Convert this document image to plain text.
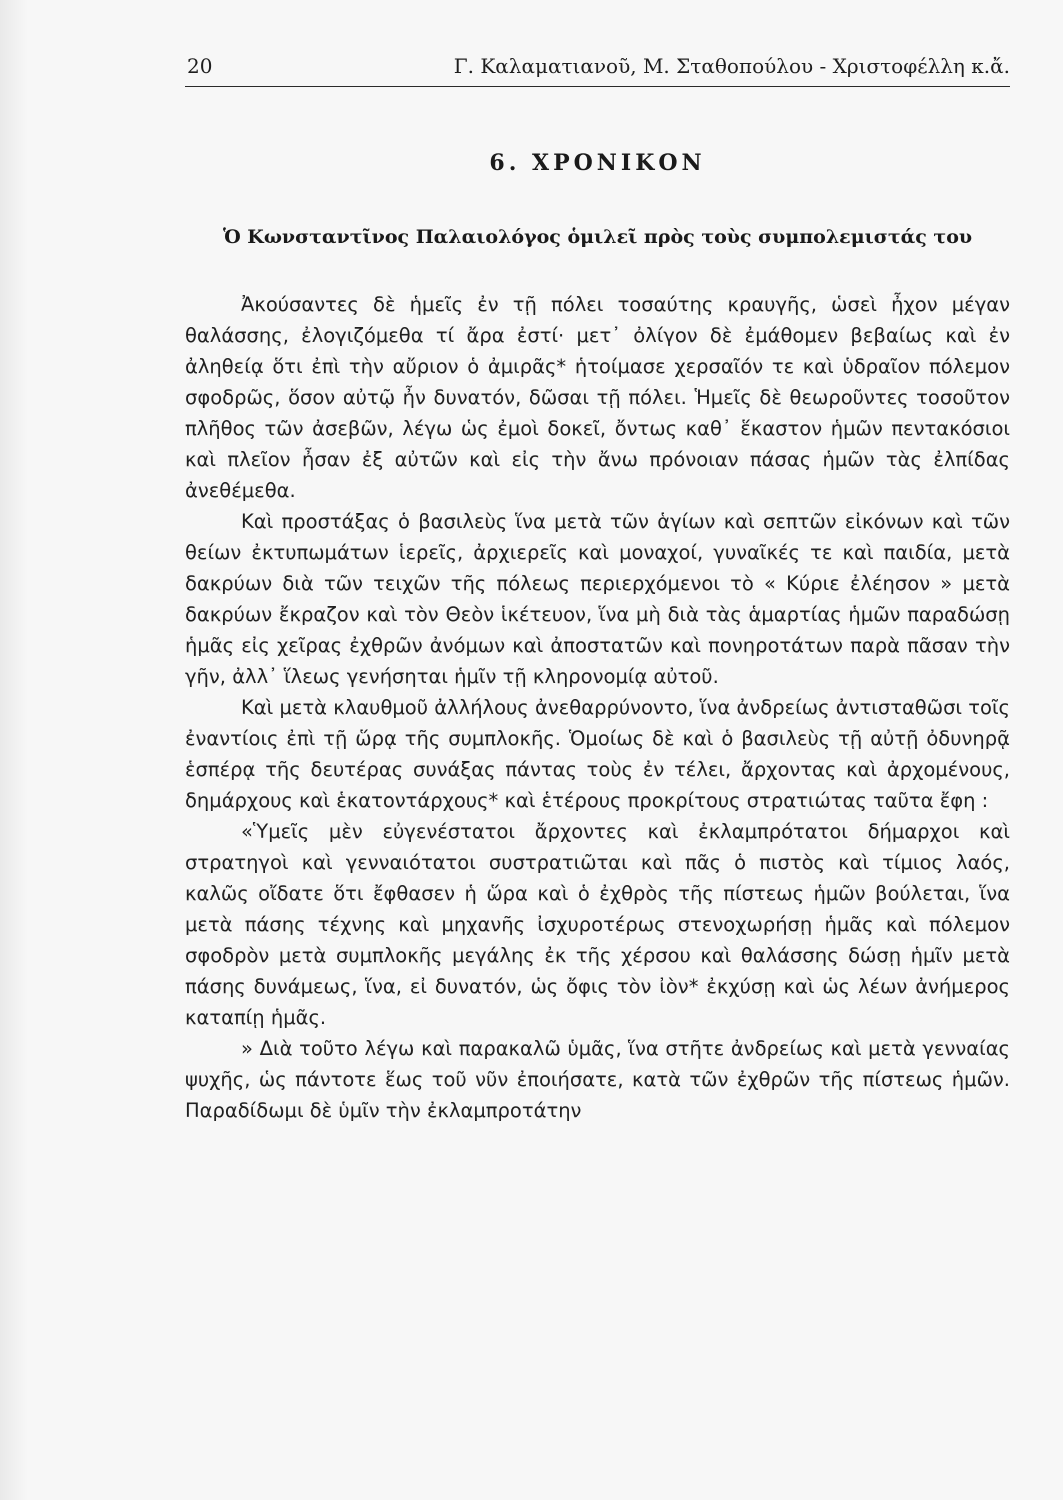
20	Γ. Καλαματιανοῦ, Μ. Σταθοπούλου - Χριστοφέλλη κ.ἄ.
6. ΧΡΟΝΙΚΟΝ
Ὁ Κωνσταντῖνος Παλαιολόγος ὁμιλεῖ πρὸς τοὺς συμπολεμιστάς του

Ἀκούσαντες δὲ ἡμεῖς ἐν τῇ πόλει τοσαύτης κραυγῆς, ὡσεὶ ἦχον μέγαν θαλάσσης, ἐλογιζόμεθα τί ἄρα ἐστί· μετ᾽ ὀλίγον δὲ ἐμάθομεν βεβαίως καὶ ἐν ἀληθείᾳ ὅτι ἐπὶ τὴν αὔριον ὁ ἀμιρᾶς* ἡτοίμασε χερσαῖόν τε καὶ ὑδραῖον πόλεμον σφοδρῶς, ὅσον αὐτῷ ἦν δυνατόν, δῶσαι τῇ πόλει. Ἡμεῖς δὲ θεωροῦντες τοσοῦτον πλῆθος τῶν ἀσεβῶν, λέγω ὡς ἐμοὶ δοκεῖ, ὄντως καθ᾽ ἕκαστον ἡμῶν πεντακόσιοι καὶ πλεῖον ἦσαν ἐξ αὐτῶν καὶ εἰς τὴν ἄνω πρόνοιαν πάσας ἡμῶν τὰς ἐλπίδας ἀνεθέμεθα.

Καὶ προστάξας ὁ βασιλεὺς ἵνα μετὰ τῶν ἁγίων καὶ σεπτῶν εἰκόνων καὶ τῶν θείων ἐκτυπωμάτων ἱερεῖς, ἀρχιερεῖς καὶ μοναχοί, γυναῖκές τε καὶ παιδία, μετὰ δακρύων διὰ τῶν τειχῶν τῆς πόλεως περιερχόμενοι τὸ « Κύριε ἐλέησον » μετὰ δακρύων ἔκραζον καὶ τὸν Θεὸν ἱκέτευον, ἵνα μὴ διὰ τὰς ἁμαρτίας ἡμῶν παραδώσῃ ἡμᾶς εἰς χεῖρας ἐχθρῶν ἀνόμων καὶ ἀποστατῶν καὶ πονηροτάτων παρὰ πᾶσαν τὴν γῆν, ἀλλ᾽ ἵλεως γενήσηται ἡμῖν τῇ κληρονομίᾳ αὐτοῦ.

Καὶ μετὰ κλαυθμοῦ ἀλλήλους ἀνεθαρρύνοντο, ἵνα ἀνδρείως ἀντισταθῶσι τοῖς ἐναντίοις ἐπὶ τῇ ὥρᾳ τῆς συμπλοκῆς. Ὁμοίως δὲ καὶ ὁ βασιλεὺς τῇ αὐτῇ ὀδυνηρᾷ ἑσπέρᾳ τῆς δευτέρας συνάξας πάντας τοὺς ἐν τέλει, ἄρχοντας καὶ ἀρχομένους, δημάρχους καὶ ἑκατοντάρχους* καὶ ἑτέρους προκρίτους στρατιώτας ταῦτα ἔφη :

«Ὑμεῖς μὲν εὐγενέστατοι ἄρχοντες καὶ ἐκλαμπρότατοι δήμαρχοι καὶ στρατηγοὶ καὶ γενναιότατοι συστρατιῶται καὶ πᾶς ὁ πιστὸς καὶ τίμιος λαός, καλῶς οἴδατε ὅτι ἔφθασεν ἡ ὥρα καὶ ὁ ἐχθρὸς τῆς πίστεως ἡμῶν βούλεται, ἵνα μετὰ πάσης τέχνης καὶ μηχανῆς ἰσχυροτέρως στενοχωρήσῃ ἡμᾶς καὶ πόλεμον σφοδρὸν μετὰ συμπλοκῆς μεγάλης ἐκ τῆς χέρσου καὶ θαλάσσης δώσῃ ἡμῖν μετὰ πάσης δυνάμεως, ἵνα, εἰ δυνατόν, ὡς ὄφις τὸν ἰὸν* ἐκχύσῃ καὶ ὡς λέων ἀνήμερος καταπίῃ ἡμᾶς.

» Διὰ τοῦτο λέγω καὶ παρακαλῶ ὑμᾶς, ἵνα στῆτε ἀνδρείως καὶ μετὰ γενναίας ψυχῆς, ὡς πάντοτε ἕως τοῦ νῦν ἐποιήσατε, κατὰ τῶν ἐχθρῶν τῆς πίστεως ἡμῶν. Παραδίδωμι δὲ ὑμῖν τὴν ἐκλαμπροτάτην
